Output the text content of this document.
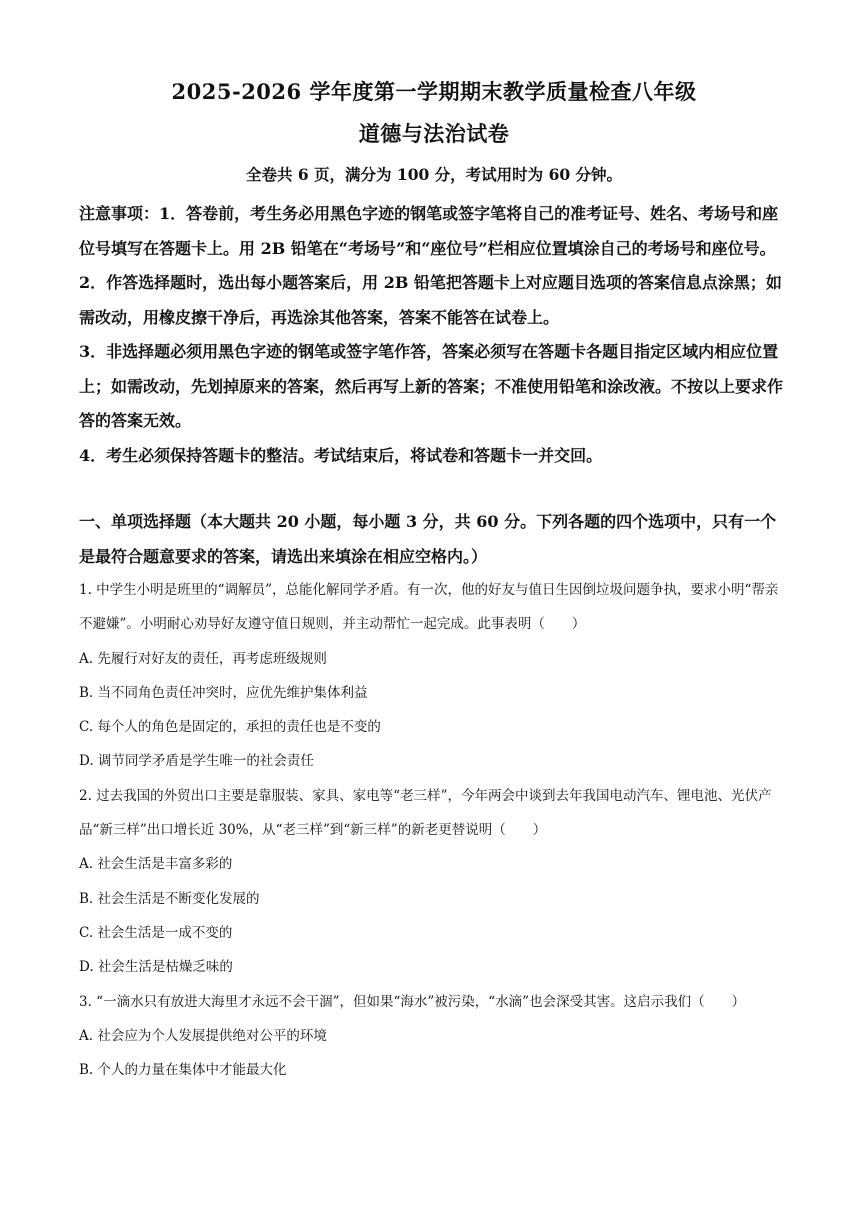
2025-2026 学年度第一学期期末教学质量检查八年级
道德与法治试卷
全卷共 6 页，满分为 100 分，考试用时为 60 分钟。

注意事项：1．答卷前，考生务必用黑色字迹的钢笔或签字笔将自己的准考证号、姓名、考场号和座位号填写在答题卡上。用 2B 铅笔在“考场号”和“座位号”栏相应位置填涂自己的考场号和座位号。

2．作答选择题时，选出每小题答案后，用 2B 铅笔把答题卡上对应题目选项的答案信息点涂黑；如需改动，用橡皮擦干净后，再选涂其他答案，答案不能答在试卷上。

3．非选择题必须用黑色字迹的钢笔或签字笔作答，答案必须写在答题卡各题目指定区域内相应位置上；如需改动，先划掉原来的答案，然后再写上新的答案；不准使用铅笔和涂改液。不按以上要求作答的答案无效。

4．考生必须保持答题卡的整洁。考试结束后，将试卷和答题卡一并交回。

一、单项选择题（本大题共 20 小题，每小题 3 分，共 60 分。下列各题的四个选项中，只有一个是最符合题意要求的答案，请选出来填涂在相应空格内。）

1. 中学生小明是班里的“调解员”，总能化解同学矛盾。有一次，他的好友与值日生因倒垃圾问题争执，要求小明“帮亲不避嫌”。小明耐心劝导好友遵守值日规则，并主动帮忙一起完成。此事表明（　　）

A. 先履行对好友的责任，再考虑班级规则

B. 当不同角色责任冲突时，应优先维护集体利益

C. 每个人的角色是固定的，承担的责任也是不变的

D. 调节同学矛盾是学生唯一的社会责任

2. 过去我国的外贸出口主要是靠服装、家具、家电等“老三样”，今年两会中谈到去年我国电动汽车、锂电池、光伏产品“新三样”出口增长近 30%，从“老三样”到“新三样”的新老更替说明（　　）

A. 社会生活是丰富多彩的

B. 社会生活是不断变化发展的

C. 社会生活是一成不变的

D. 社会生活是枯燥乏味的

3. “一滴水只有放进大海里才永远不会干涸”，但如果“海水”被污染，“水滴”也会深受其害。这启示我们（　　）

A. 社会应为个人发展提供绝对公平的环境

B. 个人的力量在集体中才能最大化
